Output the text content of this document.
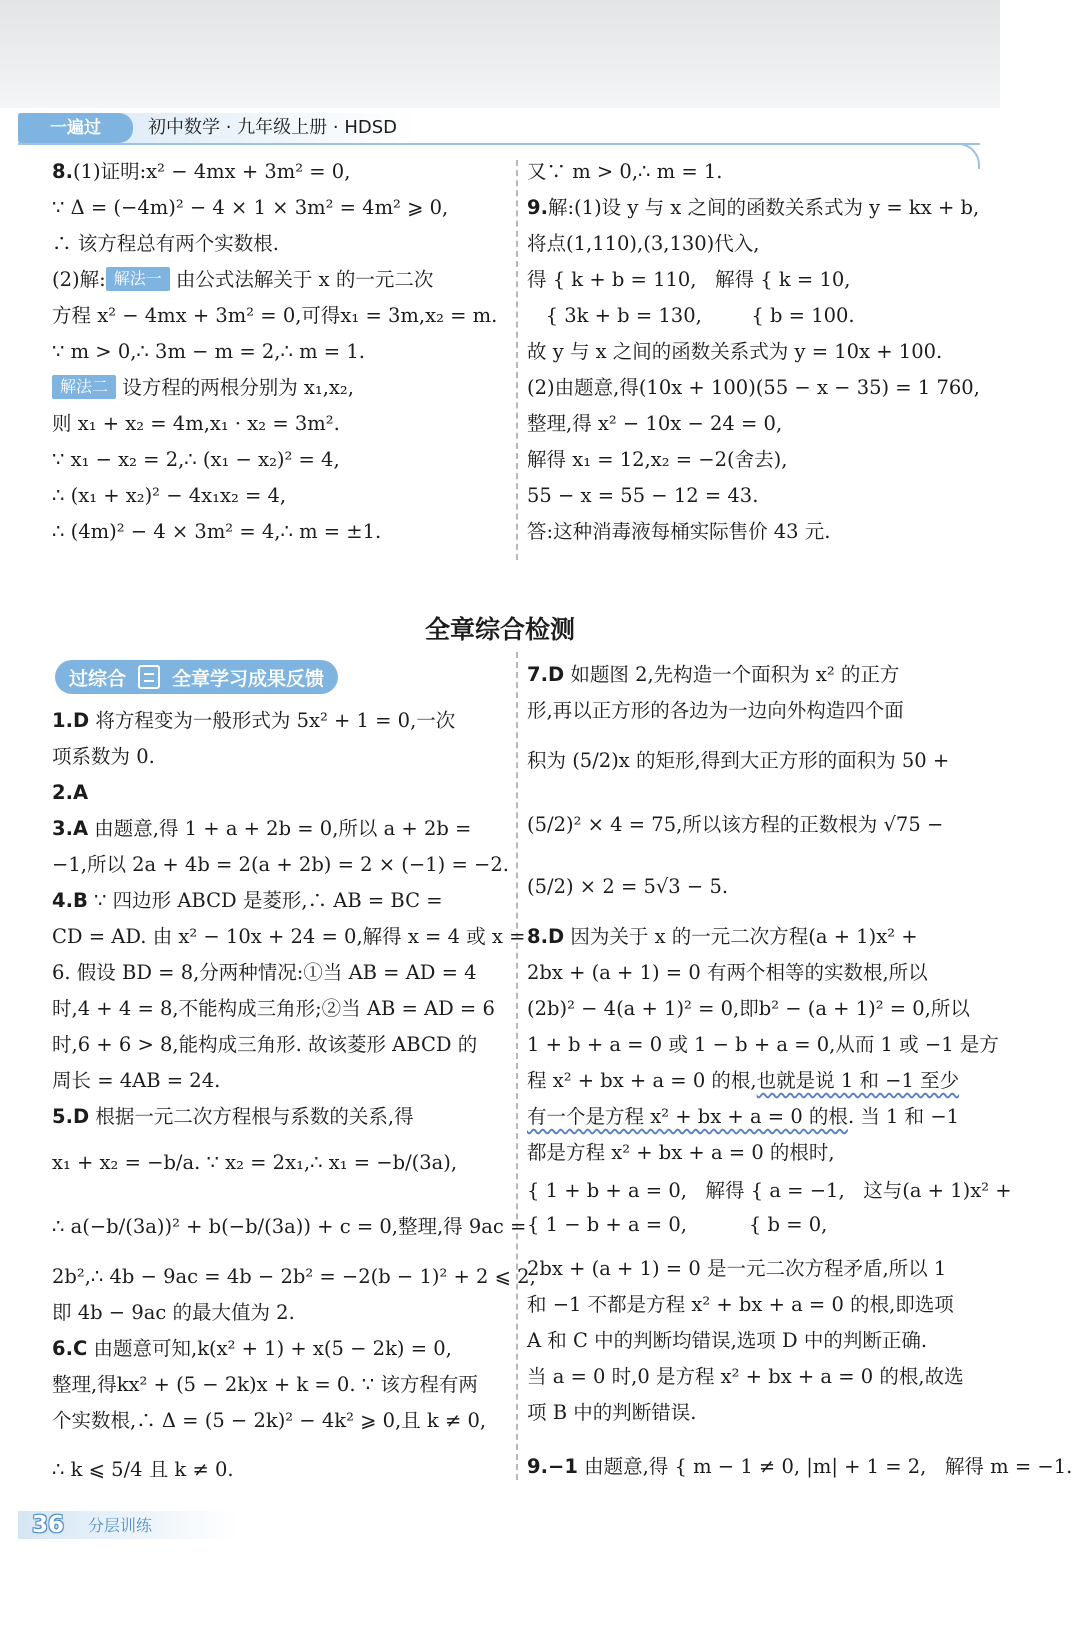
一遍过	初中数学 · 九年级上册 · HDSD
8.(1)证明:x² − 4mx + 3m² = 0,
∵ Δ = (−4m)² − 4 × 1 × 3m² = 4m² ⩾ 0,
∴ 该方程总有两个实数根.
(2)解: 解法一 由公式法解关于 x 的一元二次
方程 x² − 4mx + 3m² = 0,可得x₁ = 3m,x₂ = m.
∵ m > 0,∴ 3m − m = 2,∴ m = 1.
解法二 设方程的两根分别为 x₁,x₂,
则 x₁ + x₂ = 4m,x₁ · x₂ = 3m².
∵ x₁ − x₂ = 2,∴ (x₁ − x₂)² = 4,
∴ (x₁ + x₂)² − 4x₁x₂ = 4,
∴ (4m)² − 4 × 3m² = 4,∴ m = ±1.
又∵ m > 0,∴ m = 1.
9.解:(1)设 y 与 x 之间的函数关系式为 y = kx + b,
将点(1,110),(3,130)代入,
得 { k + b = 110,   解得 { k = 10,
{ 3k + b = 130,        { b = 100.
故 y 与 x 之间的函数关系式为 y = 10x + 100.
(2)由题意,得(10x + 100)(55 − x − 35) = 1 760,
整理,得 x² − 10x − 24 = 0,
解得 x₁ = 12,x₂ = −2(舍去),
55 − x = 55 − 12 = 43.
答:这种消毒液每桶实际售价 43 元.
全章综合检测
过综合 全章学习成果反馈
1.D 将方程变为一般形式为 5x² + 1 = 0,一次
项系数为 0.
2.A
3.A 由题意,得 1 + a + 2b = 0,所以 a + 2b =
−1,所以 2a + 4b = 2(a + 2b) = 2 × (−1) = −2.
4.B ∵ 四边形 ABCD 是菱形,∴ AB = BC =
CD = AD. 由 x² − 10x + 24 = 0,解得 x = 4 或 x =
6. 假设 BD = 8,分两种情况:①当 AB = AD = 4
时,4 + 4 = 8,不能构成三角形;②当 AB = AD = 6
时,6 + 6 > 8,能构成三角形. 故该菱形 ABCD 的
周长 = 4AB = 24.
5.D 根据一元二次方程根与系数的关系,得
x₁ + x₂ = −b/a. ∵ x₂ = 2x₁,∴ x₁ = −b/(3a),
∴ a(−b/(3a))² + b(−b/(3a)) + c = 0,整理,得 9ac =
2b²,∴ 4b − 9ac = 4b − 2b² = −2(b − 1)² + 2 ⩽ 2,
即 4b − 9ac 的最大值为 2.
6.C 由题意可知,k(x² + 1) + x(5 − 2k) = 0,
整理,得kx² + (5 − 2k)x + k = 0. ∵ 该方程有两
个实数根,∴ Δ = (5 − 2k)² − 4k² ⩾ 0,且 k ≠ 0,
∴ k ⩽ 5/4 且 k ≠ 0.
7.D 如题图 2,先构造一个面积为 x² 的正方
形,再以正方形的各边为一边向外构造四个面
积为 (5/2)x 的矩形,得到大正方形的面积为 50 +
(5/2)² × 4 = 75,所以该方程的正数根为 √75 −
(5/2) × 2 = 5√3 − 5.
8.D 因为关于 x 的一元二次方程(a + 1)x² +
2bx + (a + 1) = 0 有两个相等的实数根,所以
(2b)² − 4(a + 1)² = 0,即b² − (a + 1)² = 0,所以
1 + b + a = 0 或 1 − b + a = 0,从而 1 或 −1 是方
程 x² + bx + a = 0 的根,也就是说 1 和 −1 至少
有一个是方程 x² + bx + a = 0 的根. 当 1 和 −1
都是方程 x² + bx + a = 0 的根时,
{ 1 + b + a = 0,   解得 { a = −1,   这与(a + 1)x² +
{ 1 − b + a = 0,          { b = 0,
2bx + (a + 1) = 0 是一元二次方程矛盾,所以 1
和 −1 不都是方程 x² + bx + a = 0 的根,即选项
A 和 C 中的判断均错误,选项 D 中的判断正确.
当 a = 0 时,0 是方程 x² + bx + a = 0 的根,故选
项 B 中的判断错误.
9.−1 由题意,得 { m − 1 ≠ 0, |m| + 1 = 2,   解得 m = −1.
36 分层训练
